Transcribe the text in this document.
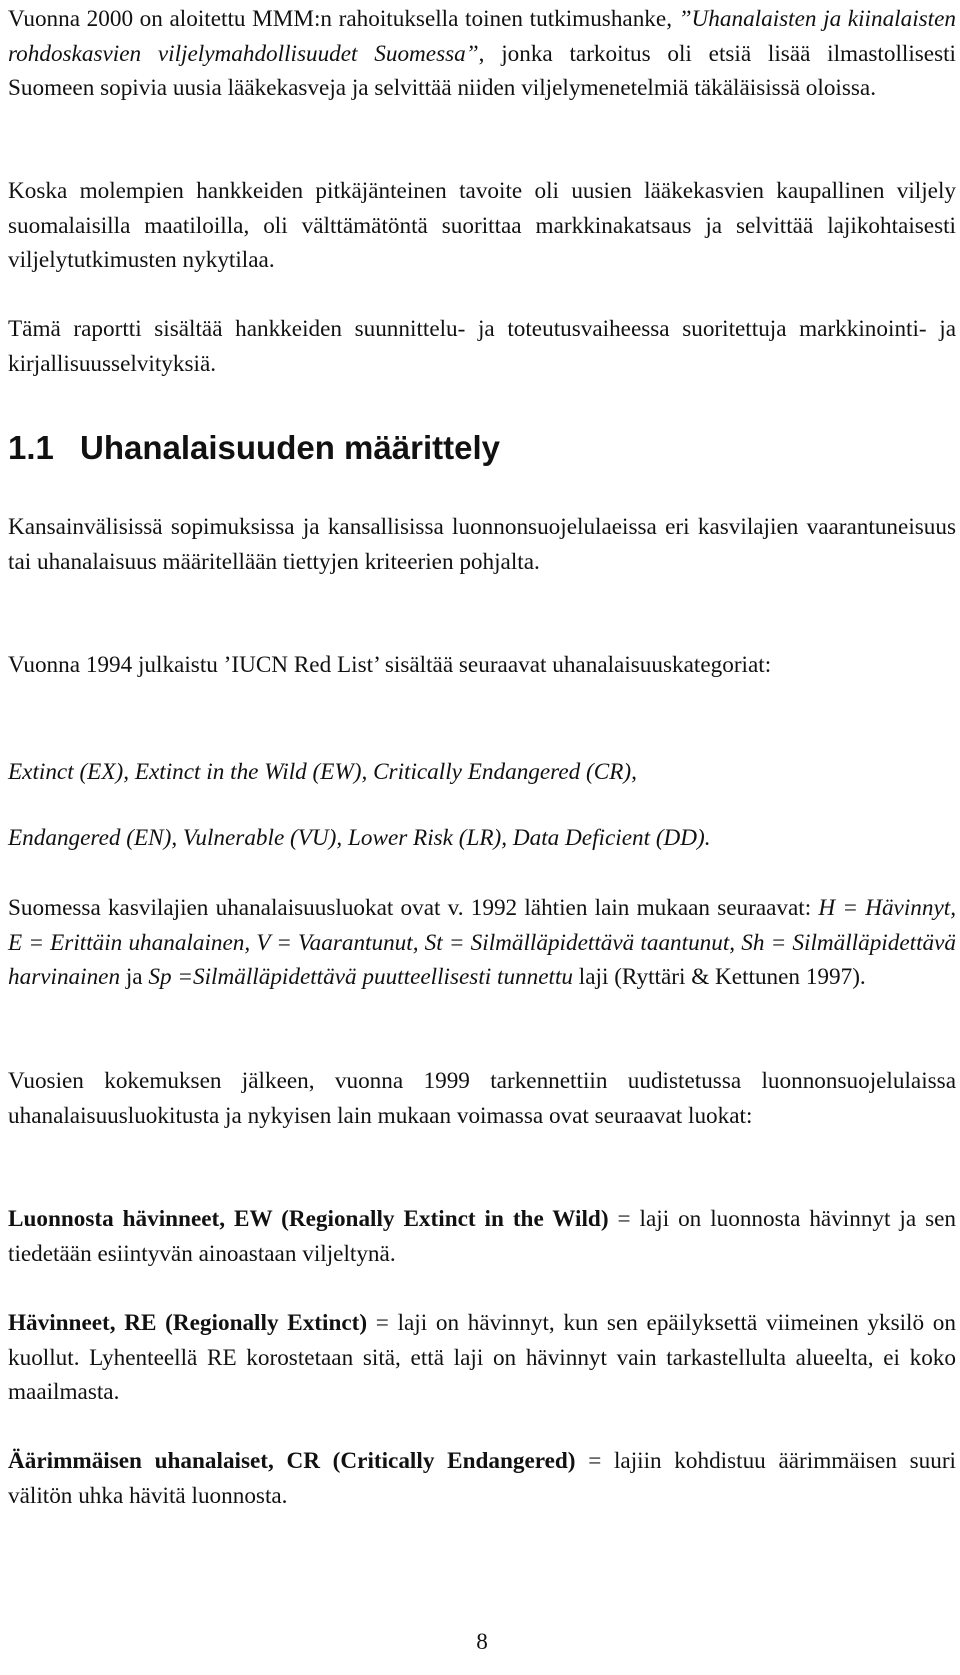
Vuonna 2000 on aloitettu MMM:n rahoituksella toinen tutkimushanke, ”Uhanalaisten ja kiinalaisten rohdoskasvien viljelymahdollisuudet Suomessa”, jonka tarkoitus oli etsiä lisää ilmastollisesti Suomeen sopivia uusia lääkekasveja ja selvittää niiden viljelymenetelmiä täkäläisissä oloissa.

Koska molempien hankkeiden pitkäjänteinen tavoite oli uusien lääkekasvien kaupallinen viljely suomalaisilla maatiloilla, oli välttämätöntä suorittaa markkinakatsaus ja selvittää lajikohtaisesti viljelytutkimusten nykytilaa.

Tämä raportti sisältää hankkeiden suunnittelu- ja toteutusvaiheessa suoritettuja markkinointi- ja kirjallisuusselvityksiä.

1.1 Uhanalaisuuden määrittely

Kansainvälisissä sopimuksissa ja kansallisissa luonnonsuojelulaeissa eri kasvilajien vaarantuneisuus tai uhanalaisuus määritellään tiettyjen kriteerien pohjalta.

Vuonna 1994 julkaistu ’IUCN Red List’ sisältää seuraavat uhanalaisuuskategoriat:

Extinct (EX), Extinct in the Wild (EW), Critically Endangered (CR),

Endangered (EN), Vulnerable (VU), Lower Risk (LR), Data Deficient (DD).

Suomessa kasvilajien uhanalaisuusluokat ovat v. 1992 lähtien lain mukaan seuraavat: H = Hävinnyt, E = Erittäin uhanalainen, V = Vaarantunut, St = Silmälläpidettävä taantunut, Sh = Silmälläpidettävä harvinainen ja Sp =Silmälläpidettävä puutteellisesti tunnettu laji (Ryttäri & Kettunen 1997).

Vuosien kokemuksen jälkeen, vuonna 1999 tarkennettiin uudistetussa luonnonsuojelulaissa uhanalaisuusluokitusta ja nykyisen lain mukaan voimassa ovat seuraavat luokat:

Luonnosta hävinneet, EW (Regionally Extinct in the Wild) = laji on luonnosta hävinnyt ja sen tiedetään esiintyvän ainoastaan viljeltynä.

Hävinneet, RE (Regionally Extinct) = laji on hävinnyt, kun sen epäilyksettä viimeinen yksilö on kuollut. Lyhenteellä RE korostetaan sitä, että laji on hävinnyt vain tarkastellulta alueelta, ei koko maailmasta.

Äärimmäisen uhanalaiset, CR (Critically Endangered) = lajiin kohdistuu äärimmäisen suuri välitön uhka hävitä luonnosta.

8
